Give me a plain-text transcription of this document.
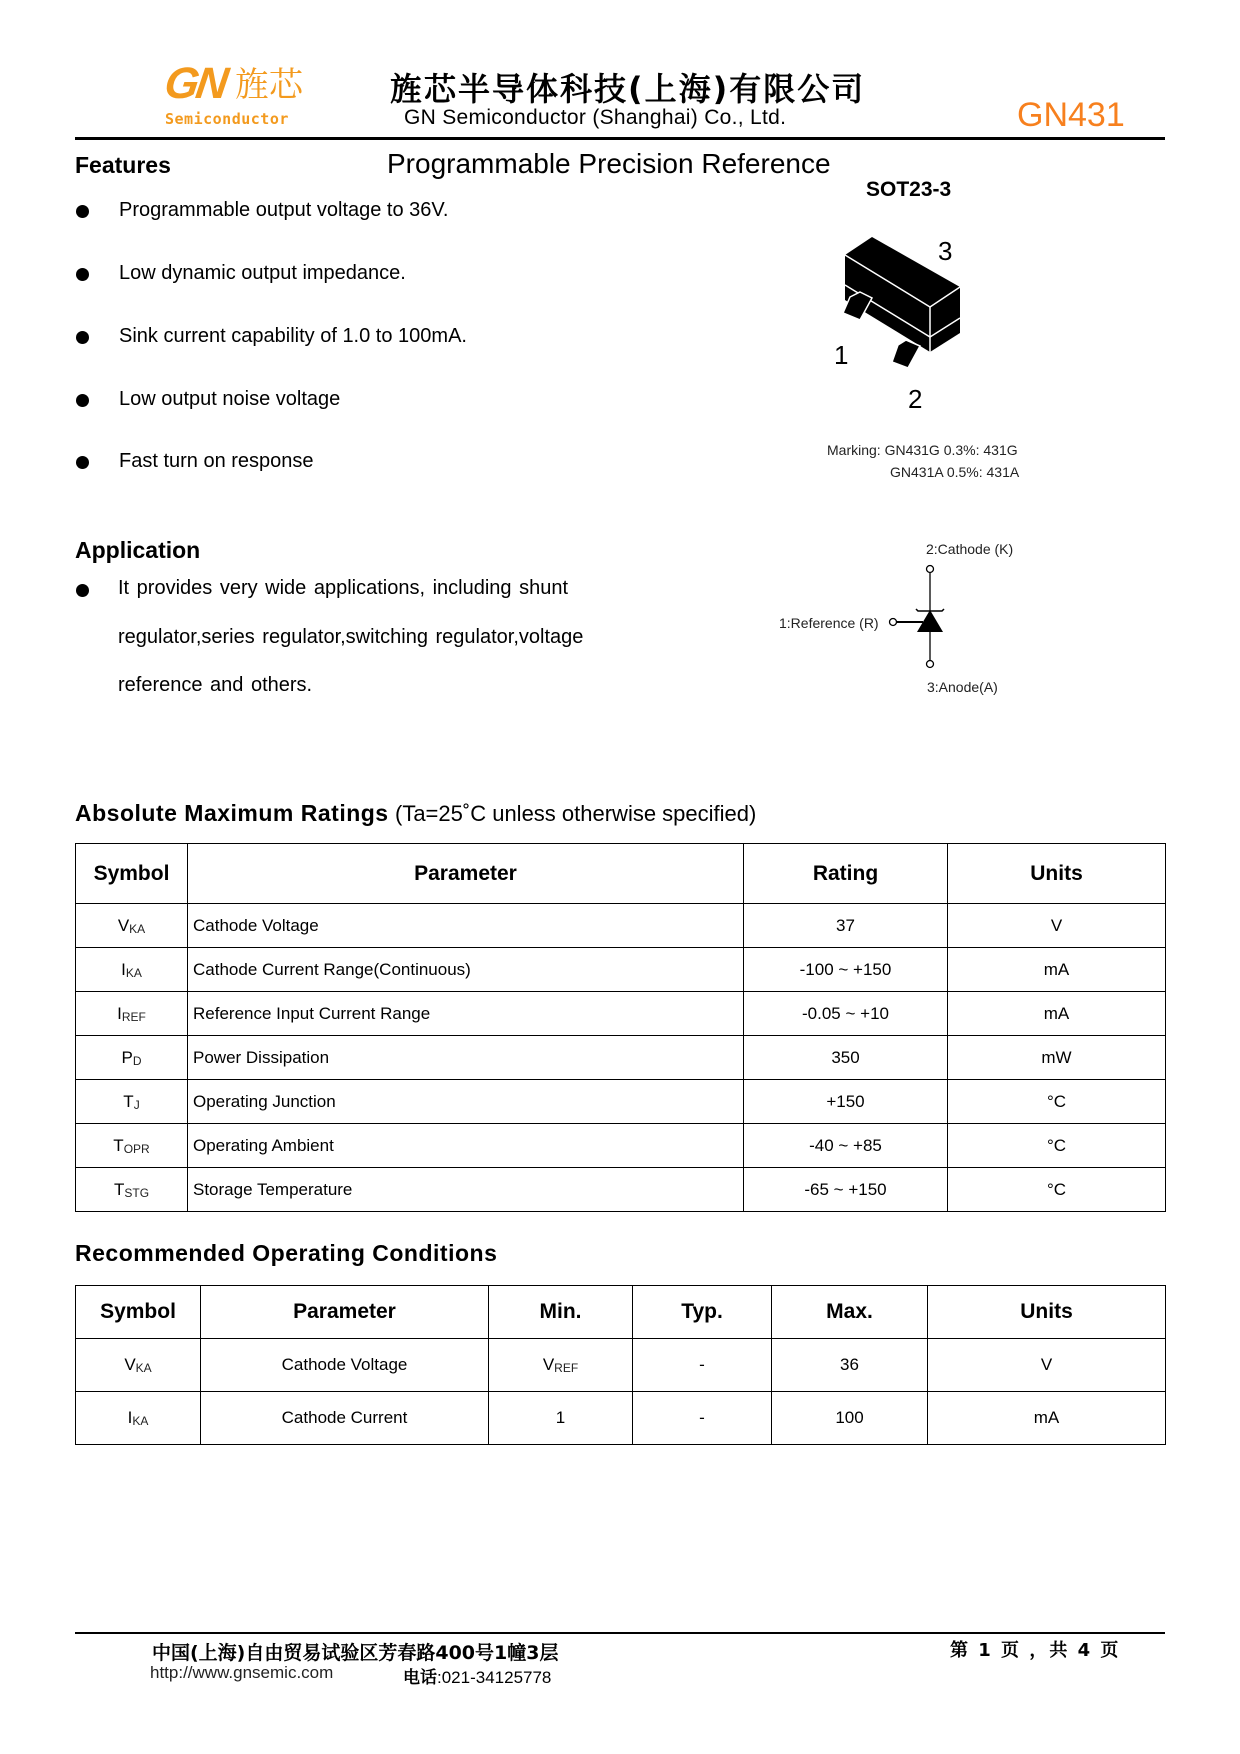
GN 旌芯
Semiconductor
旌芯半导体科技(上海)有限公司
GN Semiconductor (Shanghai) Co., Ltd.	GN431
Features	Programmable Precision Reference
Programmable output voltage to 36V.
Low dynamic output impedance.
Sink current capability of 1.0 to 100mA.
Low output noise voltage
Fast turn on response
SOT23-3
3
1
2
Marking: GN431G 0.3%: 431G
GN431A 0.5%: 431A
Application
It provides very wide applications, including shunt
regulator,series regulator,switching regulator,voltage
reference and others.
2:Cathode (K)
1:Reference (R)
3:Anode(A)
Absolute Maximum Ratings (Ta=25˚C unless otherwise specified)
Symbol	Parameter	Rating	Units
$V_{KA}$	Cathode Voltage	37	V
$I_{KA}$	Cathode Current Range(Continuous)	-100 ~ +150	mA
$I_{REF}$	Reference Input Current Range	-0.05 ~ +10	mA
$P_D$	Power Dissipation	350	mW
$T_J$	Operating Junction	+150	°C
$T_{OPR}$	Operating Ambient	-40 ~ +85	°C
$T_{STG}$	Storage Temperature	-65 ~ +150	°C
Recommended Operating Conditions
Symbol	Parameter	Min.	Typ.	Max.	Units
$V_{KA}$	Cathode Voltage	$V_{REF}$	-	36	V
$I_{KA}$	Cathode Current	1	-	100	mA
中国(上海)自由贸易试验区芳春路400号1幢3层
http://www.gnsemic.com	电话:021-34125778
第 1 页 ，共 4 页
